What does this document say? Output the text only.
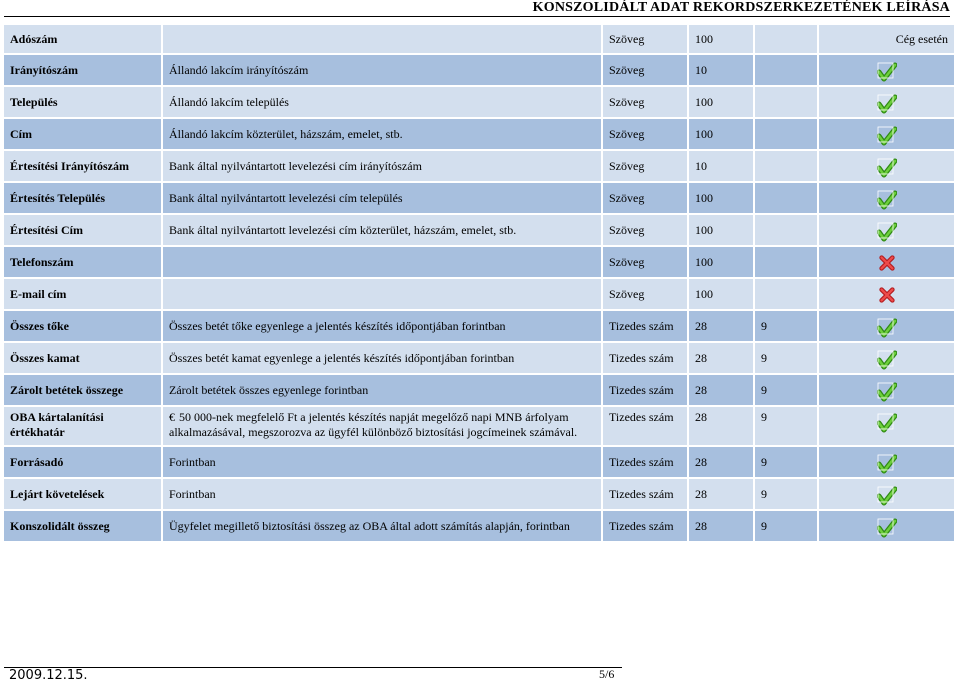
KONSZOLIDÁLT ADAT REKORDSZERKEZETÉNEK LEÍRÁSA
Adószám		Szöveg	100		Cég esetén
Irányítószám	Állandó lakcím irányítószám	Szöveg	10		
Település	Állandó lakcím település	Szöveg	100		
Cím	Állandó lakcím közterület, házszám, emelet, stb.	Szöveg	100		
Értesítési Irányítószám	Bank által nyilvántartott levelezési cím irányítószám	Szöveg	10		
Értesítés Település	Bank által nyilvántartott levelezési cím település	Szöveg	100		
Értesítési Cím	Bank által nyilvántartott levelezési cím közterület, házszám, emelet, stb.	Szöveg	100		
Telefonszám		Szöveg	100		
E-mail cím		Szöveg	100		
Összes tőke	Összes betét tőke egyenlege a jelentés készítés időpontjában forintban	Tizedes szám	28	9	
Összes kamat	Összes betét kamat egyenlege a jelentés készítés időpontjában forintban	Tizedes szám	28	9	
Zárolt betétek összege	Zárolt betétek összes egyenlege forintban	Tizedes szám	28	9	
OBA kártalanítási értékhatár	€ 50 000-nek megfelelő Ft a jelentés készítés napját megelőző napi MNB árfolyam alkalmazásával, megszorozva az ügyfél különböző biztosítási jogcímeinek számával.	Tizedes szám	28	9	
Forrásadó	Forintban	Tizedes szám	28	9	
Lejárt követelések	Forintban	Tizedes szám	28	9	
Konszolidált összeg	Ügyfelet megillető biztosítási összeg az OBA által adott számítás alapján, forintban	Tizedes szám	28	9	
2009.12.15.	5/6
